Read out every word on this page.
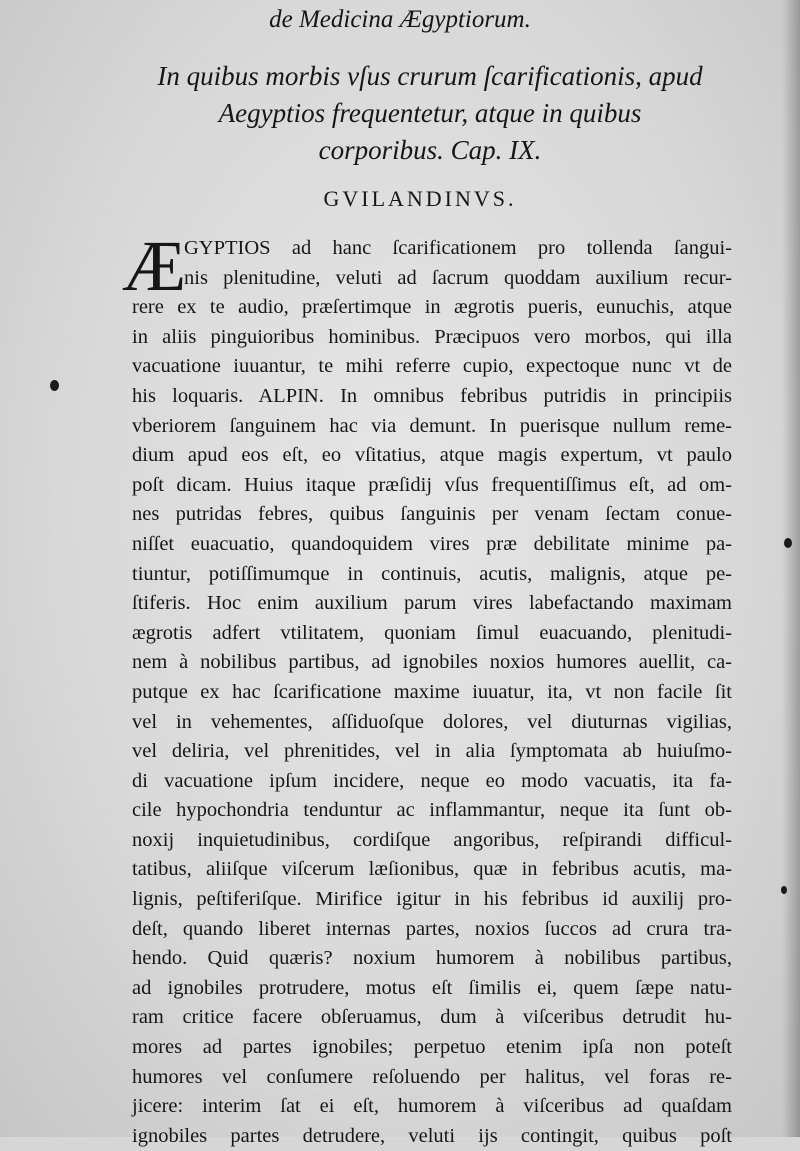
de Medicina Ægyptiorum.
In quibus morbis vſus crurum ſcarificationis, apud
Aegyptios frequentetur, atque in quibus
corporibus. Cap. IX.
GVILANDINVS.
Æ
GYPTIOS ad hanc ſcarificationem pro tollenda ſangui-
nis plenitudine, veluti ad ſacrum quoddam auxilium recur-
rere ex te audio, præſertimque in ægrotis pueris, eunuchis, atque
in aliis pinguioribus hominibus. Præcipuos vero morbos, qui illa
vacuatione iuuantur, te mihi referre cupio, expectoque nunc vt de
his loquaris. ALPIN. In omnibus febribus putridis in principiis
vberiorem ſanguinem hac via demunt. In puerisque nullum reme-
dium apud eos eſt, eo vſitatius, atque magis expertum, vt paulo
poſt dicam. Huius itaque præſidij vſus frequentiſſimus eſt, ad om-
nes putridas febres, quibus ſanguinis per venam ſectam conue-
niſſet euacuatio, quandoquidem vires præ debilitate minime pa-
tiuntur, potiſſimumque in continuis, acutis, malignis, atque pe-
ſtiferis. Hoc enim auxilium parum vires labefactando maximam
ægrotis adfert vtilitatem, quoniam ſimul euacuando, plenitudi-
nem à nobilibus partibus, ad ignobiles noxios humores auellit, ca-
putque ex hac ſcarificatione maxime iuuatur, ita, vt non facile ſit
vel in vehementes, aſſiduoſque dolores, vel diuturnas vigilias,
vel deliria, vel phrenitides, vel in alia ſymptomata ab huiuſmo-
di vacuatione ipſum incidere, neque eo modo vacuatis, ita fa-
cile hypochondria tenduntur ac inflammantur, neque ita ſunt ob-
noxij inquietudinibus, cordiſque angoribus, reſpirandi difficul-
tatibus, aliiſque viſcerum læſionibus, quæ in febribus acutis, ma-
lignis, peſtiferiſque. Mirifice igitur in his febribus id auxilij pro-
deſt, quando liberet internas partes, noxios ſuccos ad crura tra-
hendo. Quid quæris? noxium humorem à nobilibus partibus,
ad ignobiles protrudere, motus eſt ſimilis ei, quem ſæpe natu-
ram critice facere obſeruamus, dum à viſceribus detrudit hu-
mores ad partes ignobiles; perpetuo etenim ipſa non poteſt
humores vel conſumere reſoluendo per halitus, vel foras re-
jicere: interim ſat ei eſt, humorem à viſceribus ad quaſdam
ignobiles partes detrudere, veluti ijs contingit, quibus poſt
